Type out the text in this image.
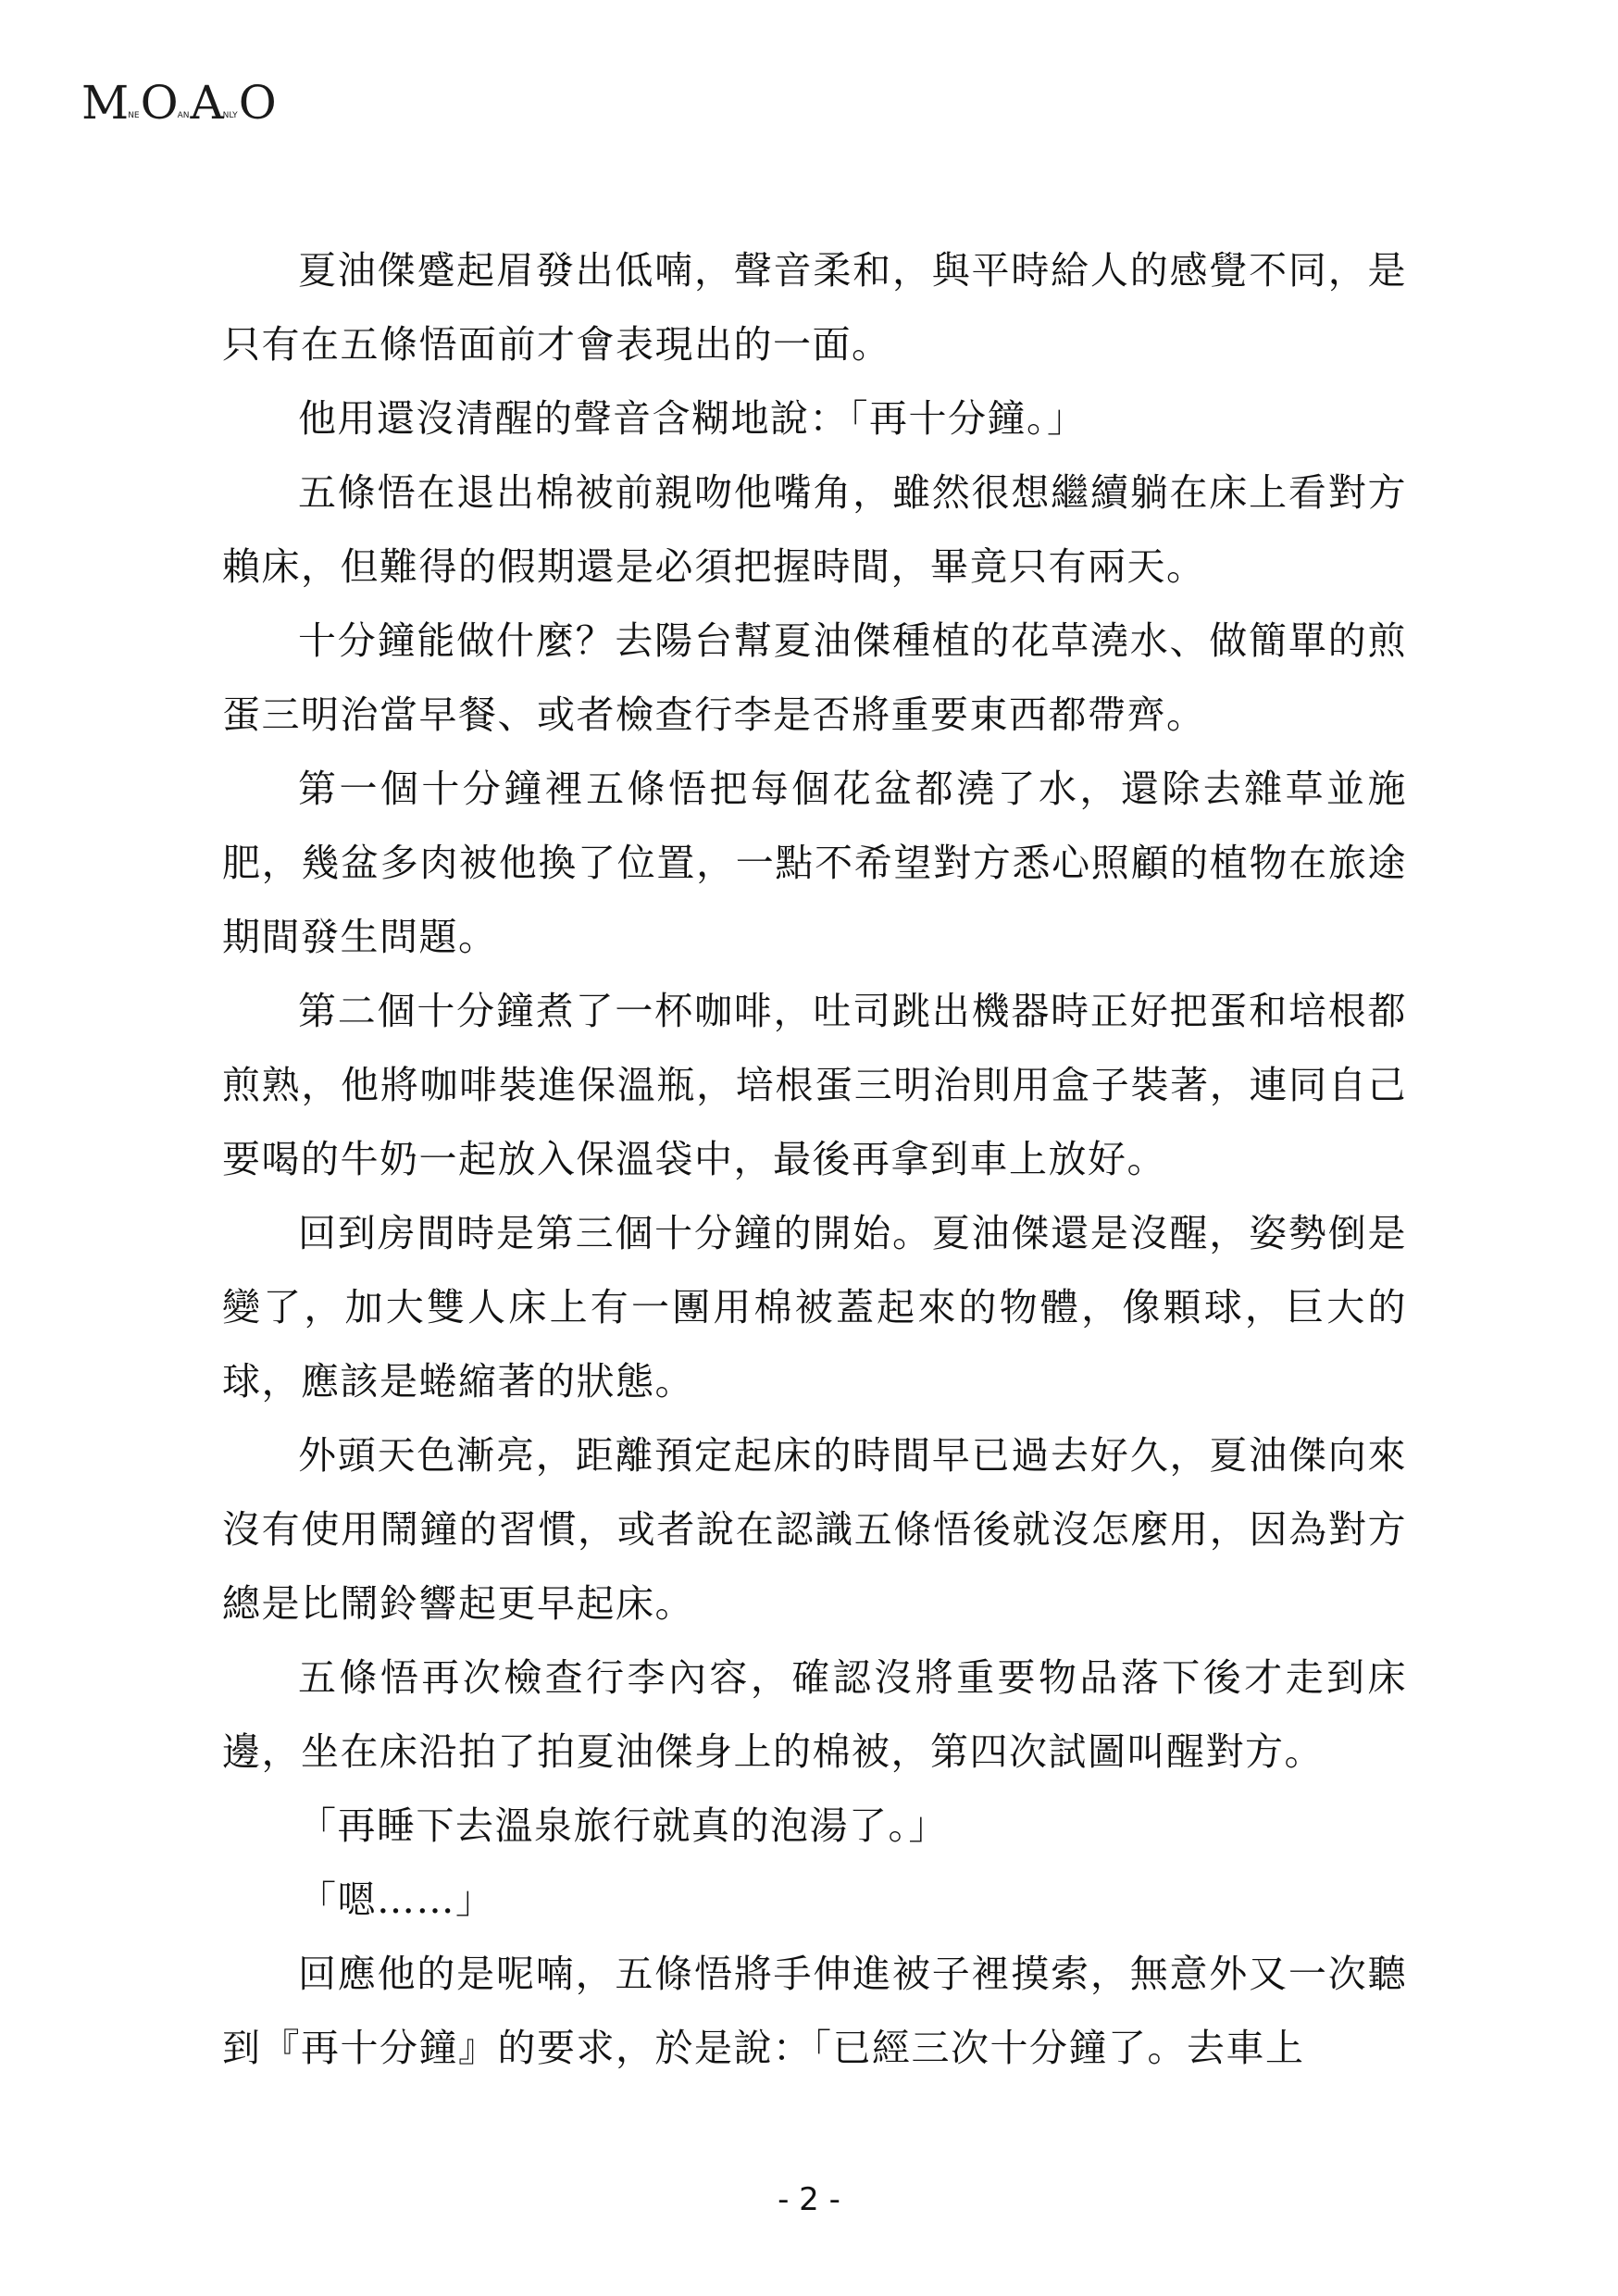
M NE O AN A NLY O

夏油傑蹙起眉發出低喃，聲音柔和，與平時給人的感覺不同，是只有在五條悟面前才會表現出的一面。

他用還沒清醒的聲音含糊地說：「再十分鐘。」

五條悟在退出棉被前親吻他嘴角，雖然很想繼續躺在床上看對方賴床，但難得的假期還是必須把握時間，畢竟只有兩天。

十分鐘能做什麼？去陽台幫夏油傑種植的花草澆水、做簡單的煎蛋三明治當早餐、或者檢查行李是否將重要東西都帶齊。

第一個十分鐘裡五條悟把每個花盆都澆了水，還除去雜草並施肥，幾盆多肉被他換了位置，一點不希望對方悉心照顧的植物在旅途期間發生問題。

第二個十分鐘煮了一杯咖啡，吐司跳出機器時正好把蛋和培根都煎熟，他將咖啡裝進保溫瓶，培根蛋三明治則用盒子裝著，連同自己要喝的牛奶一起放入保溫袋中，最後再拿到車上放好。

回到房間時是第三個十分鐘的開始。夏油傑還是沒醒，姿勢倒是變了，加大雙人床上有一團用棉被蓋起來的物體，像顆球，巨大的球，應該是蜷縮著的狀態。

外頭天色漸亮，距離預定起床的時間早已過去好久，夏油傑向來沒有使用鬧鐘的習慣，或者說在認識五條悟後就沒怎麼用，因為對方總是比鬧鈴響起更早起床。

五條悟再次檢查行李內容，確認沒將重要物品落下後才走到床邊，坐在床沿拍了拍夏油傑身上的棉被，第四次試圖叫醒對方。

「再睡下去溫泉旅行就真的泡湯了。」

「嗯……」

回應他的是呢喃，五條悟將手伸進被子裡摸索，無意外又一次聽到『再十分鐘』的要求，於是說：「已經三次十分鐘了。去車上

- 2 -
